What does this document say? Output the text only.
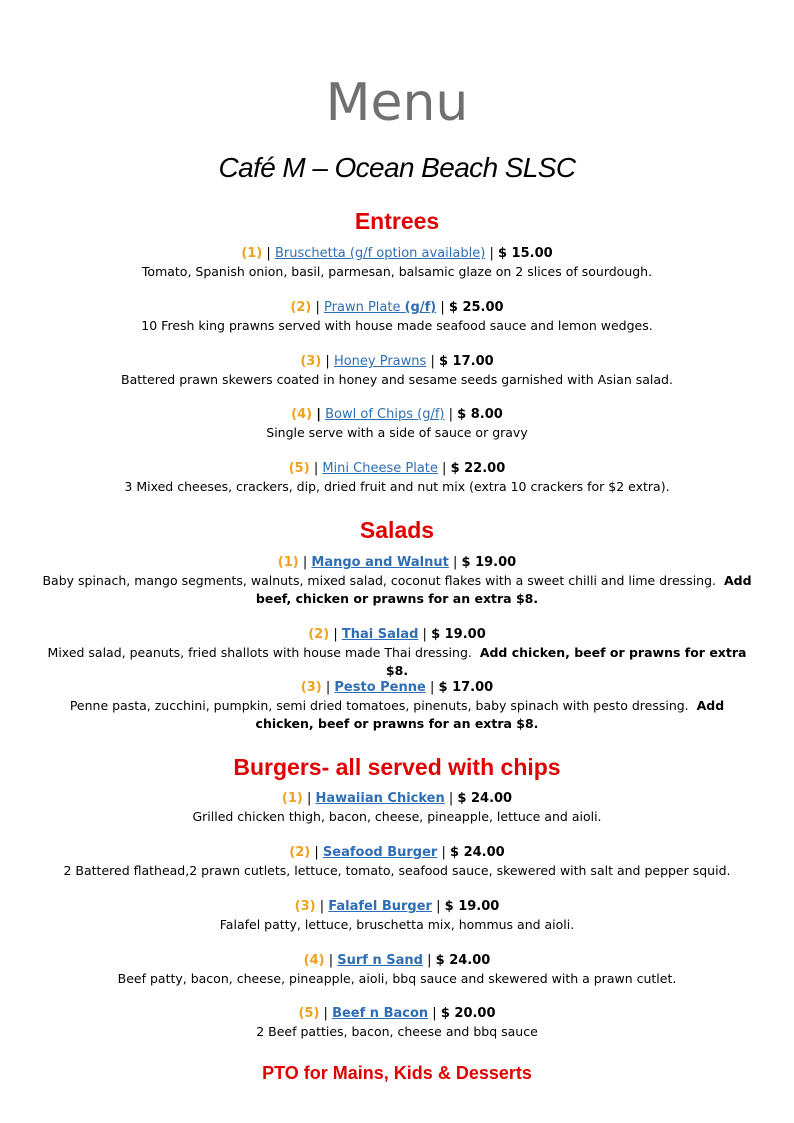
Menu
Café M – Ocean Beach SLSC
Entrees

(1) | Bruschetta (g/f option available) | $ 15.00

Tomato, Spanish onion, basil, parmesan, balsamic glaze on 2 slices of sourdough.

(2) | Prawn Plate (g/f) | $ 25.00

10 Fresh king prawns served with house made seafood sauce and lemon wedges.

(3) | Honey Prawns | $ 17.00

Battered prawn skewers coated in honey and sesame seeds garnished with Asian salad.

(4) | Bowl of Chips (g/f) | $ 8.00

Single serve with a side of sauce or gravy

(5) | Mini Cheese Plate | $ 22.00

3 Mixed cheeses, crackers, dip, dried fruit and nut mix (extra 10 crackers for $2 extra).

Salads

(1) | Mango and Walnut | $ 19.00

Baby spinach, mango segments, walnuts, mixed salad, coconut flakes with a sweet chilli and lime dressing. Add beef, chicken or prawns for an extra $8.

(2) | Thai Salad | $ 19.00

Mixed salad, peanuts, fried shallots with house made Thai dressing. Add chicken, beef or prawns for extra $8.

(3) | Pesto Penne | $ 17.00

Penne pasta, zucchini, pumpkin, semi dried tomatoes, pinenuts, baby spinach with pesto dressing. Add chicken, beef or prawns for an extra $8.

Burgers- all served with chips

(1) | Hawaiian Chicken | $ 24.00

Grilled chicken thigh, bacon, cheese, pineapple, lettuce and aioli.

(2) | Seafood Burger | $ 24.00

2 Battered flathead,2 prawn cutlets, lettuce, tomato, seafood sauce, skewered with salt and pepper squid.

(3) | Falafel Burger | $ 19.00

Falafel patty, lettuce, bruschetta mix, hommus and aioli.

(4) | Surf n Sand | $ 24.00

Beef patty, bacon, cheese, pineapple, aioli, bbq sauce and skewered with a prawn cutlet.

(5) | Beef n Bacon | $ 20.00

2 Beef patties, bacon, cheese and bbq sauce

PTO for Mains, Kids & Desserts
